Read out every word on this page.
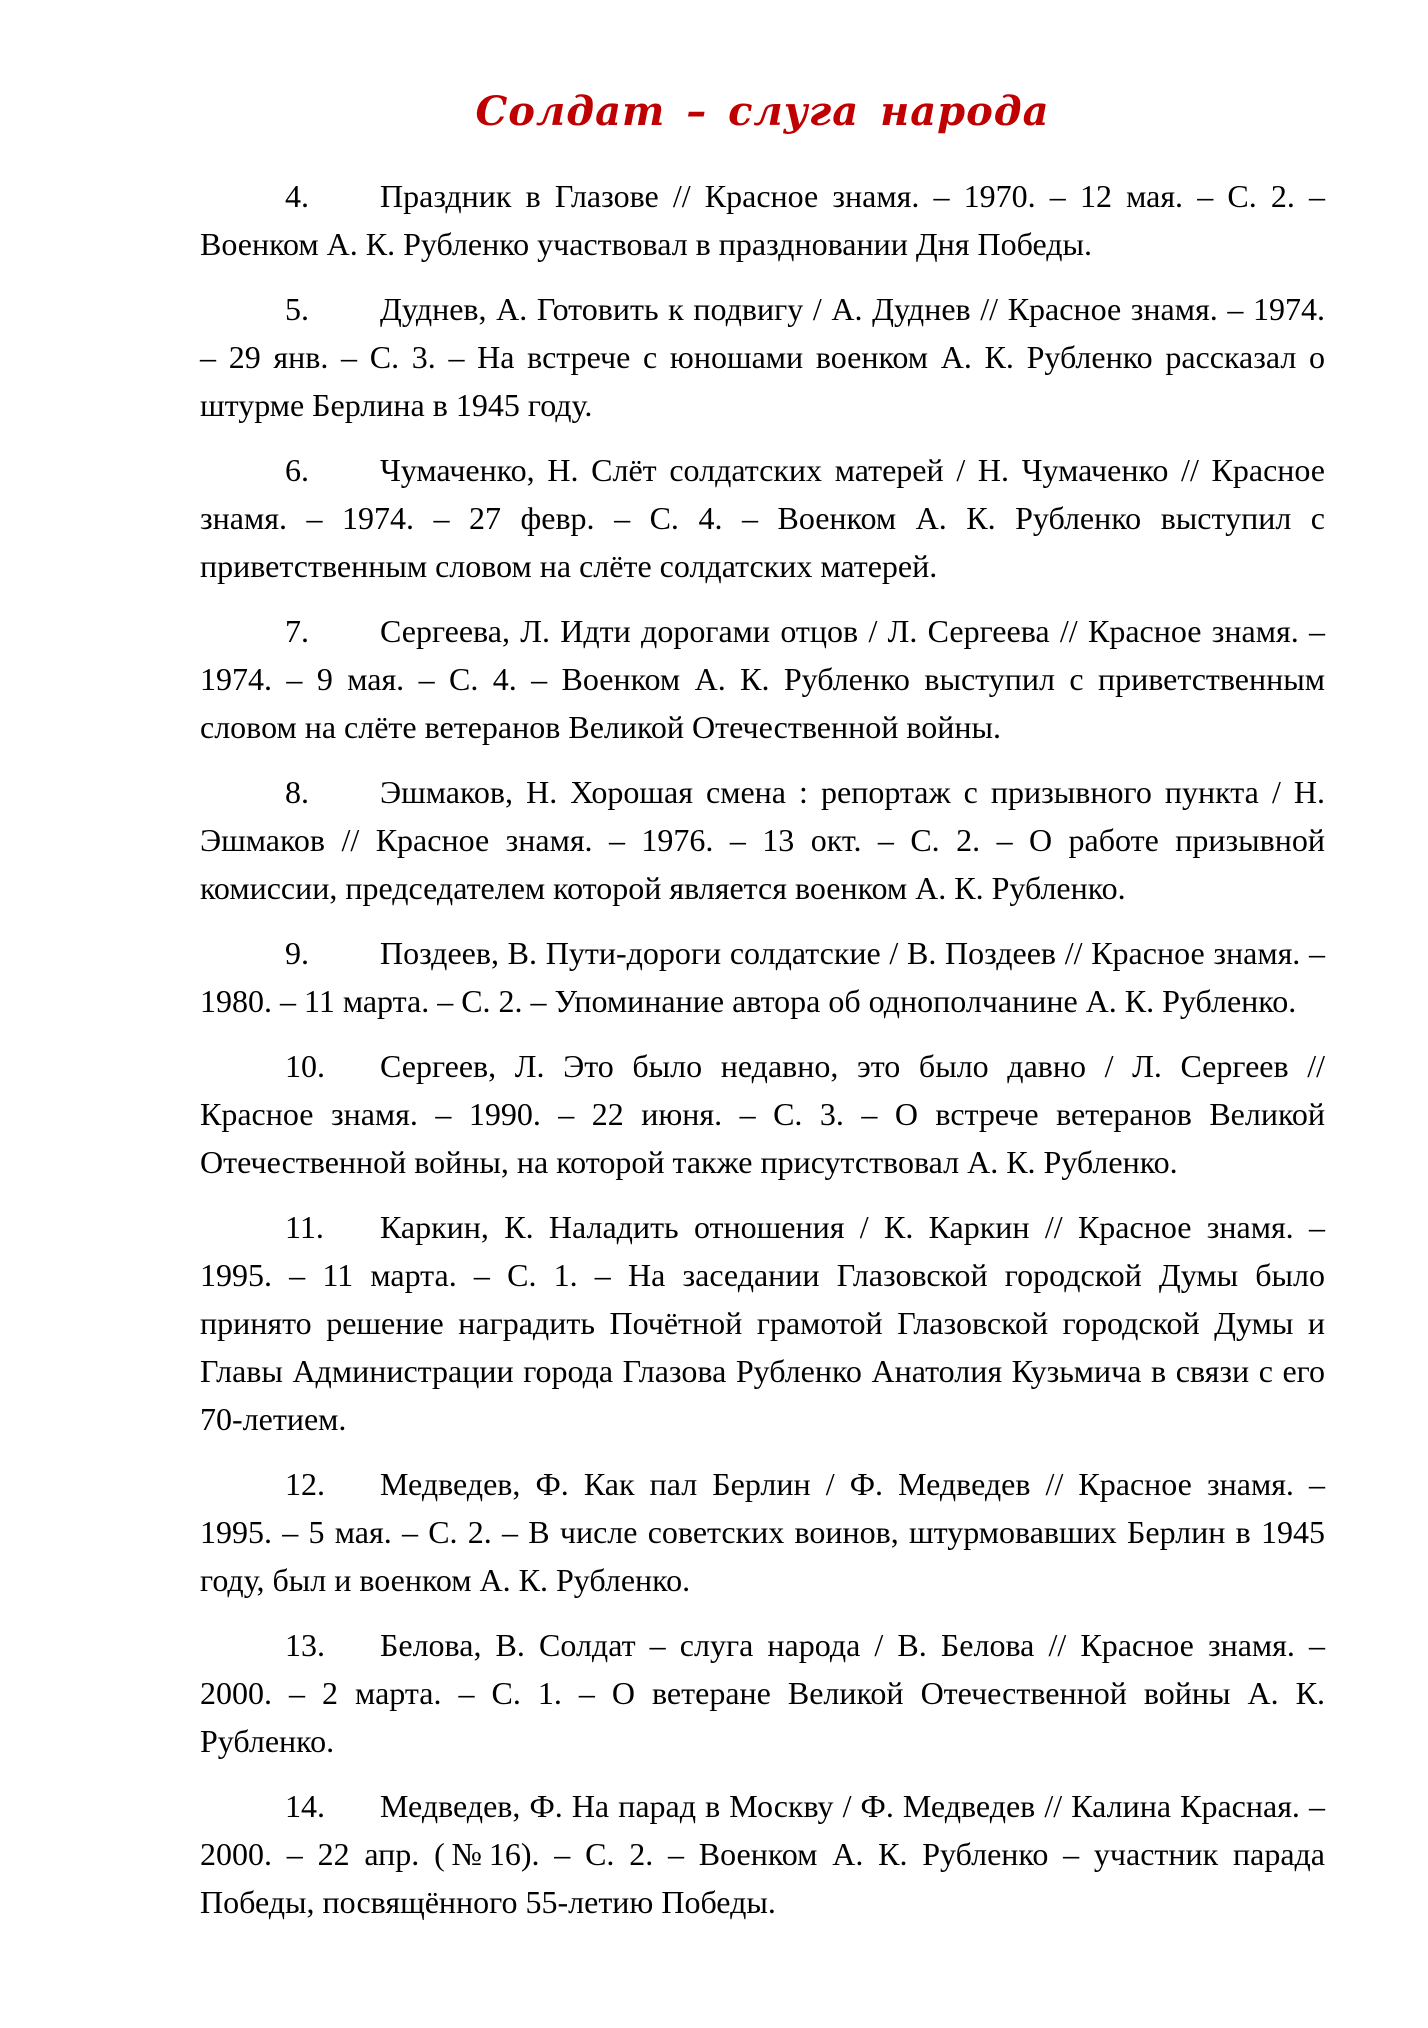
Солдат – слуга народа

4. Праздник в Глазове // Красное знамя. – 1970. – 12 мая. – С. 2. – Военком А. К. Рубленко участвовал в праздновании Дня Победы.

5. Дуднев, А. Готовить к подвигу / А. Дуднев // Красное знамя. – 1974. – 29 янв. – С. 3. – На встрече с юношами военком А. К. Рубленко рассказал о штурме Берлина в 1945 году.

6. Чумаченко, Н. Слёт солдатских матерей / Н. Чумаченко // Красное знамя. – 1974. – 27 февр. – С. 4. – Военком А. К. Рубленко выступил с приветственным словом на слёте солдатских матерей.

7. Сергеева, Л. Идти дорогами отцов / Л. Сергеева // Красное знамя. – 1974. – 9 мая. – С. 4. – Военком А. К. Рубленко выступил с приветственным словом на слёте ветеранов Великой Отечественной войны.

8. Эшмаков, Н. Хорошая смена : репортаж с призывного пункта / Н. Эшмаков // Красное знамя. – 1976. – 13 окт. – С. 2. – О работе призывной комиссии, председателем которой является военком А. К. Рубленко.

9. Поздеев, В. Пути-дороги солдатские / В. Поздеев // Красное знамя. – 1980. – 11 марта. – С. 2. – Упоминание автора об однополчанине А. К. Рубленко.

10. Сергеев, Л. Это было недавно, это было давно / Л. Сергеев // Красное знамя. – 1990. – 22 июня. – С. 3. – О встрече ветеранов Великой Отечественной войны, на которой также присутствовал А. К. Рубленко.

11. Каркин, К. Наладить отношения / К. Каркин // Красное знамя. – 1995. – 11 марта. – С. 1. – На заседании Глазовской городской Думы было принято решение наградить Почётной грамотой Глазовской городской Думы и Главы Администрации города Глазова Рубленко Анатолия Кузьмича в связи с его 70-летием.

12. Медведев, Ф. Как пал Берлин / Ф. Медведев // Красное знамя. – 1995. – 5 мая. – С. 2. – В числе советских воинов, штурмовавших Берлин в 1945 году, был и военком А. К. Рубленко.

13. Белова, В. Солдат – слуга народа / В. Белова // Красное знамя. – 2000. – 2 марта. – С. 1. – О ветеране Великой Отечественной войны А. К. Рубленко.

14. Медведев, Ф. На парад в Москву / Ф. Медведев // Калина Красная. – 2000. – 22 апр. (№16). – С. 2. – Военком А. К. Рубленко – участник парада Победы, посвящённого 55-летию Победы.
